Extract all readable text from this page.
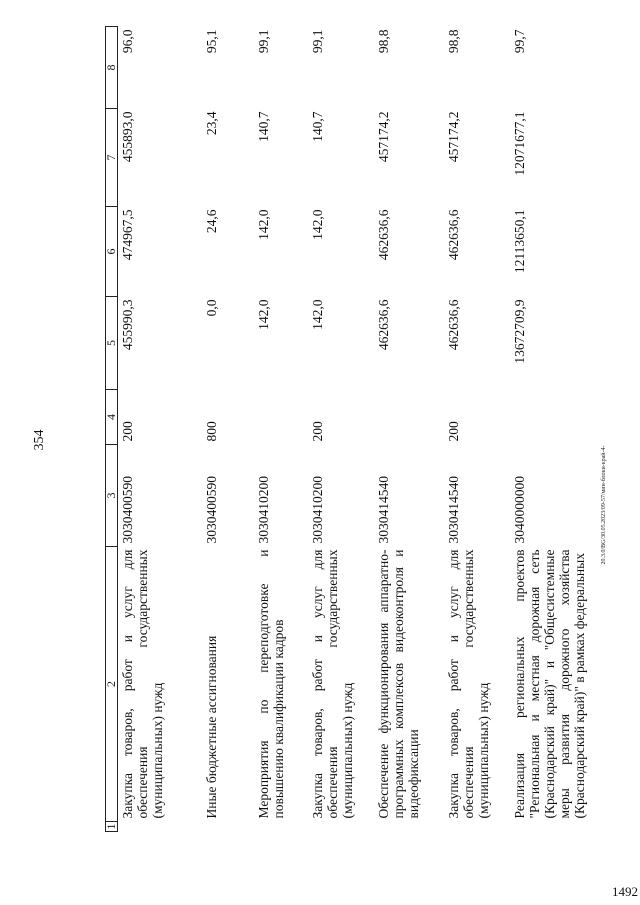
354
1	2	3	4	5	6	7	8
	Закупка товаров, работ и услуг для обеспечения государственных (муниципальных) нужд	3030400590	200	455990,3	474967,5	455893,0	96,0
	Иные бюджетные ассигнования	3030400590	800	0,0	24,6	23,4	95,1
	Мероприятия по переподготовке и повышению квалификации кадров	3030410200		142,0	142,0	140,7	99,1
	Закупка товаров, работ и услуг для обеспечения государственных (муниципальных) нужд	3030410200	200	142,0	142,0	140,7	99,1
	Обеспечение функционирования аппаратно-программных комплексов видеоконтроля и видеофиксации	3030414540		462636,6	462636,6	457174,2	98,8
	Закупка товаров, работ и услуг для обеспечения государственных (муниципальных) нужд	3030414540	200	462636,6	462636,6	457174,2	98,8
	Реализация региональных проектов "Региональная и местная дорожная сеть (Краснодарский край)" и "Общесистемные меры развития дорожного хозяйства (Краснодарский край)" в рамках федеральных	3040000000		13672709,9	12113650,1	12071677,1	99,7
20.3.0/BG/30.05.2023/09-57/мин-блоки-край-4-
1492
